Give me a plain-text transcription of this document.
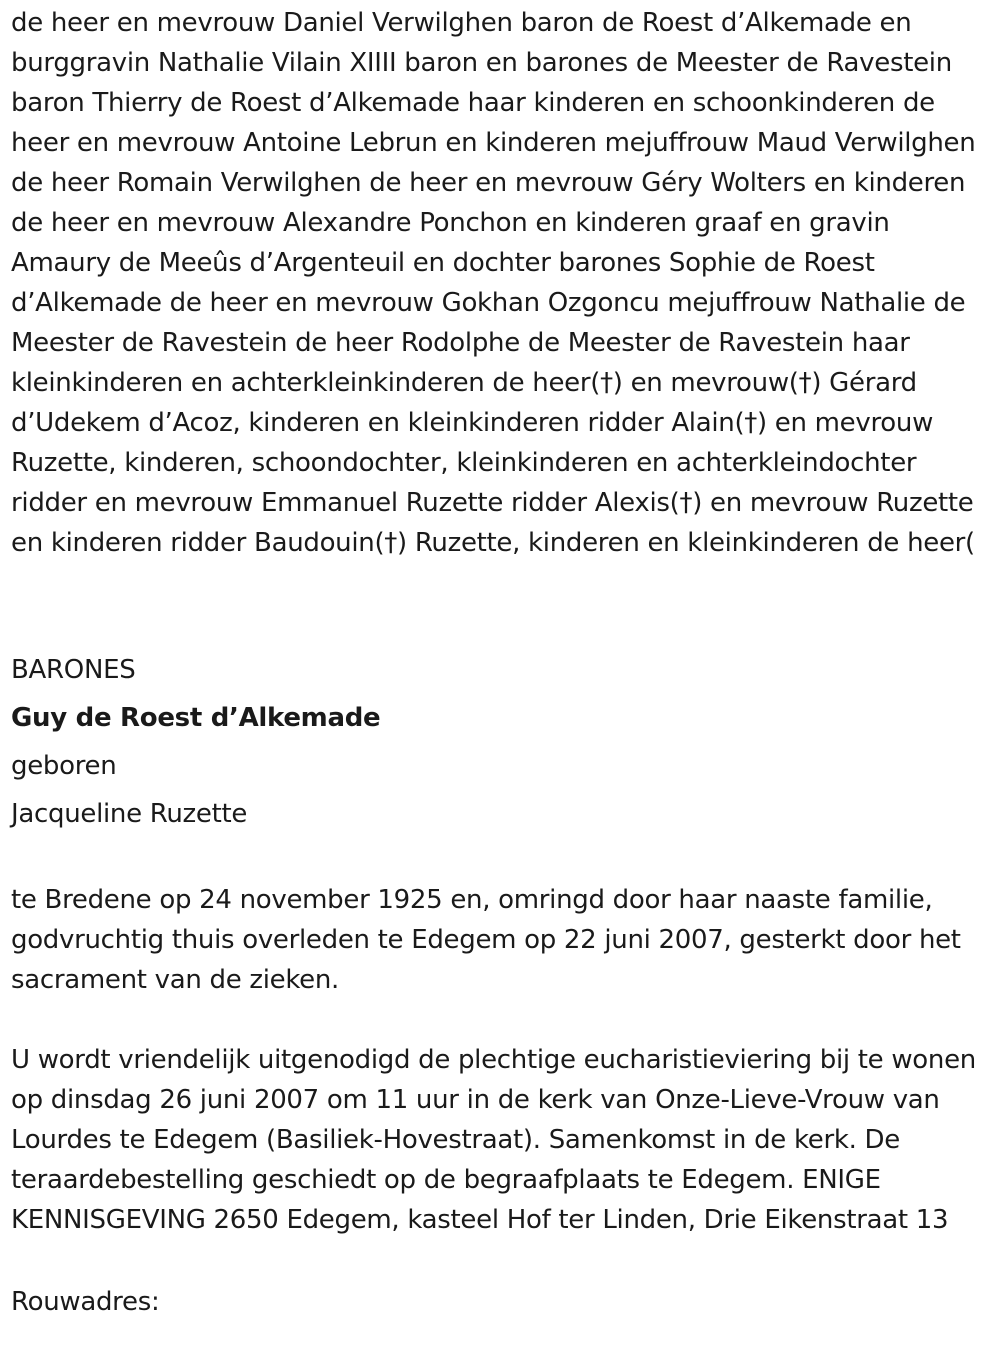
de heer en mevrouw Daniel Verwilghen baron de Roest d’Alkemade en burggravin Nathalie Vilain XIIII baron en barones de Meester de Ravestein baron Thierry de Roest d’Alkemade haar kinderen en schoonkinderen de heer en mevrouw Antoine Lebrun en kinderen mejuffrouw Maud Verwilghen de heer Romain Verwilghen de heer en mevrouw Géry Wolters en kinderen de heer en mevrouw Alexandre Ponchon en kinderen graaf en gravin Amaury de Meeûs d’Argenteuil en dochter barones Sophie de Roest d’Alkemade de heer en mevrouw Gokhan Ozgoncu mejuffrouw Nathalie de Meester de Ravestein de heer Rodolphe de Meester de Ravestein haar kleinkinderen en achterkleinkinderen de heer(†) en mevrouw(†) Gérard d’Udekem d’Acoz, kinderen en kleinkinderen ridder Alain(†) en mevrouw Ruzette, kinderen, schoondochter, kleinkinderen en achterkleindochter ridder en mevrouw Emmanuel Ruzette ridder Alexis(†) en mevrouw Ruzette en kinderen ridder Baudouin(†) Ruzette, kinderen en kleinkinderen de heer(

BARONES

Guy de Roest d’Alkemade

geboren

Jacqueline Ruzette

te Bredene op 24 november 1925 en, omringd door haar naaste familie, godvruchtig thuis overleden te Edegem op 22 juni 2007, gesterkt door het sacrament van de zieken.

U wordt vriendelijk uitgenodigd de plechtige eucharistieviering bij te wonen op dinsdag 26 juni 2007 om 11 uur in de kerk van Onze-Lieve-Vrouw van Lourdes te Edegem (Basiliek-Hovestraat). Samenkomst in de kerk. De teraardebestelling geschiedt op de begraafplaats te Edegem. ENIGE KENNISGEVING 2650 Edegem, kasteel Hof ter Linden, Drie Eikenstraat 13

Rouwadres:
